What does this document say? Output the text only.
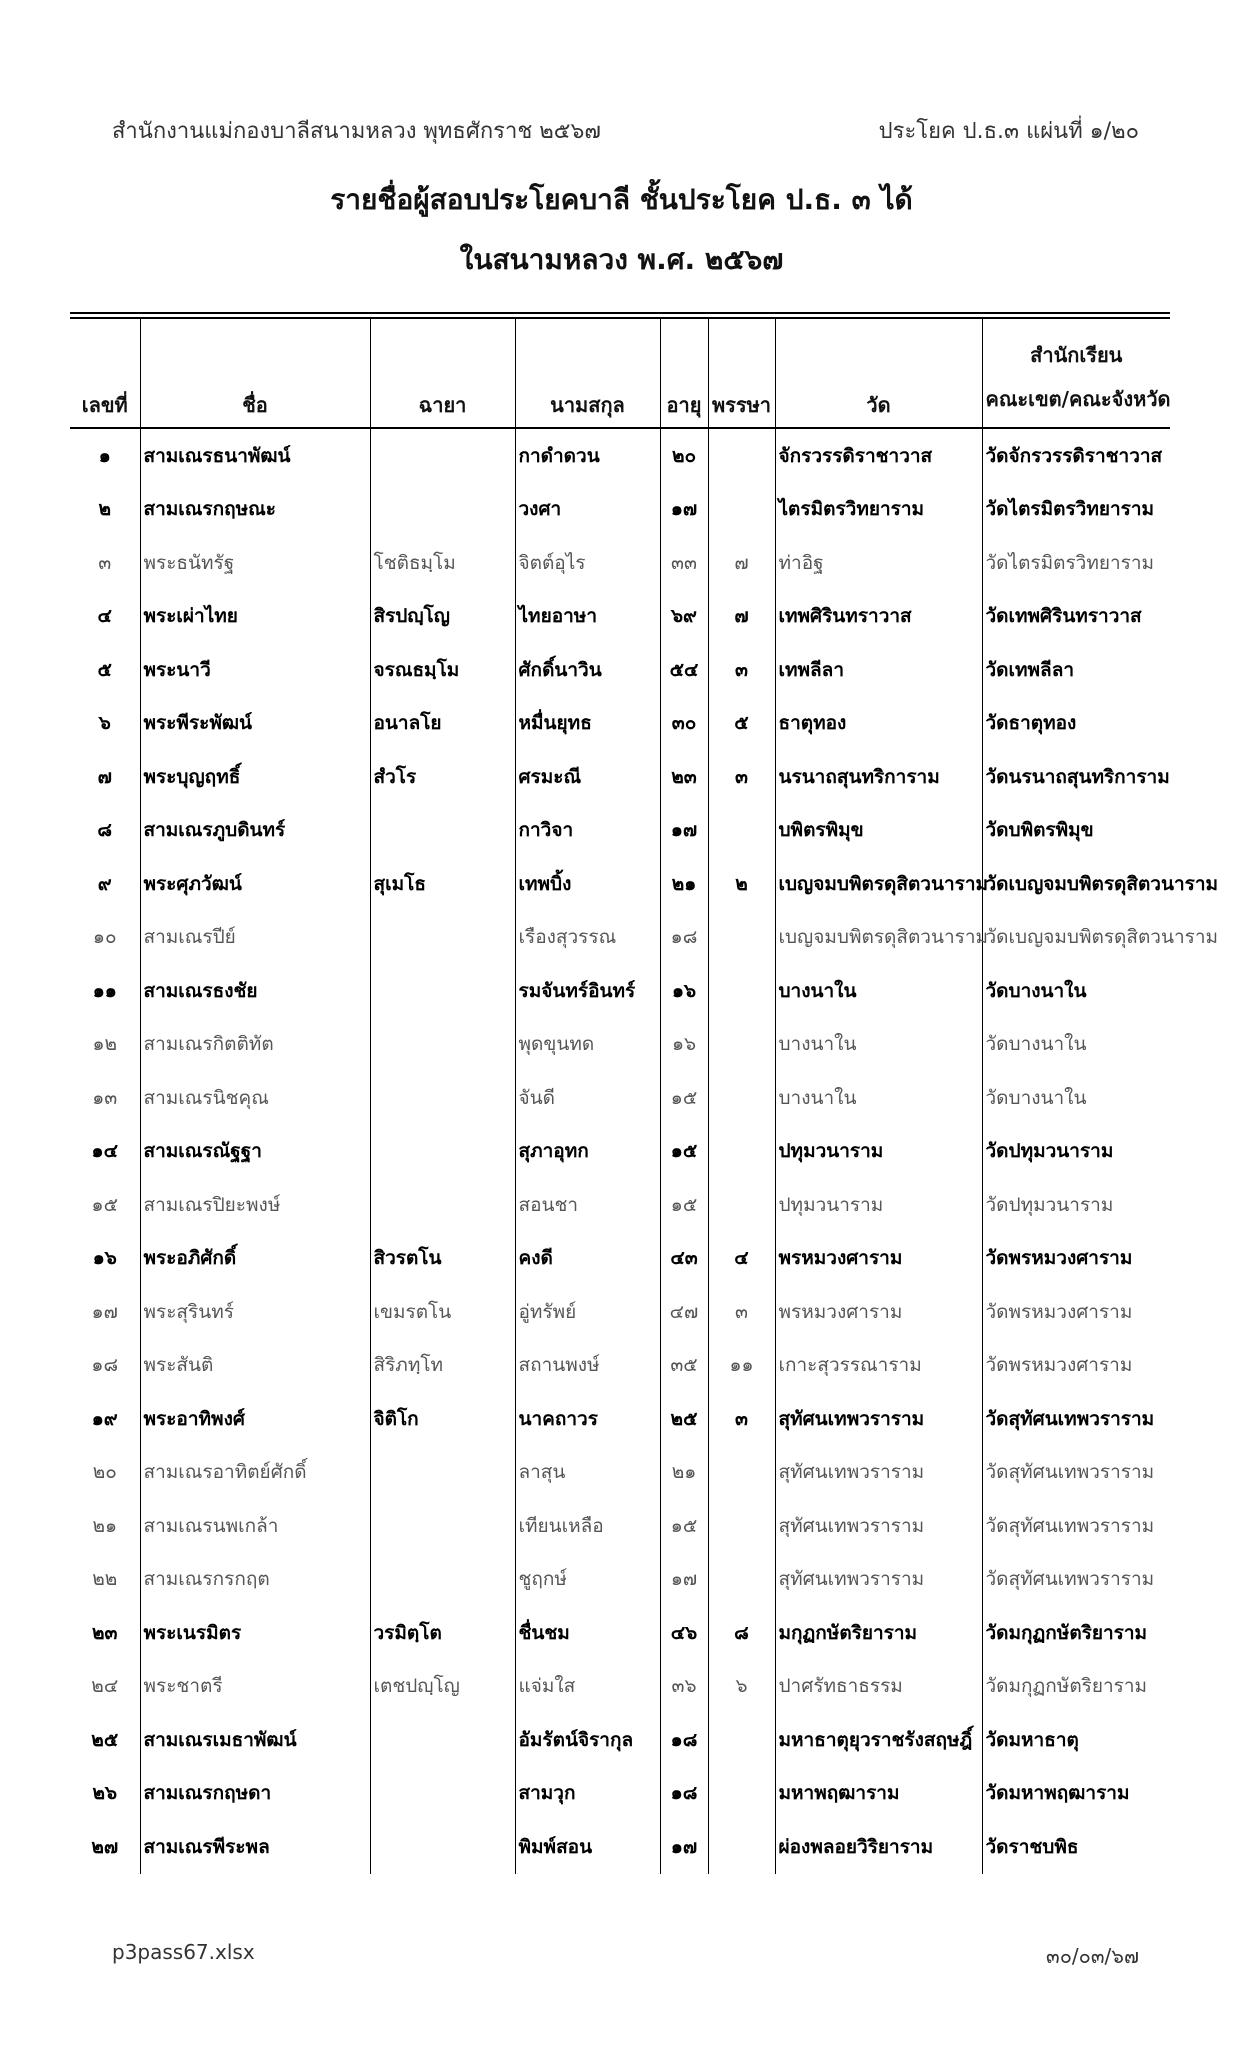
สำนักงานแม่กองบาลีสนามหลวง พุทธศักราช ๒๕๖๗	ประโยค ป.ธ.๓ แผ่นที่ ๑/๒๐
รายชื่อผู้สอบประโยคบาลี ชั้นประโยค ป.ธ. ๓ ได้
ในสนามหลวง พ.ศ. ๒๕๖๗
เลขที่	ชื่อ	ฉายา	นามสกุล	อายุ	พรรษา	วัด	สำนักเรียน
คณะเขต/คณะจังหวัด

๑	สามเณรธนาพัฒน์		กาดำดวน	๒๐		จักรวรรดิราชาวาส	วัดจักรวรรดิราชาวาส
๒	สามเณรกฤษณะ		วงศา	๑๗		ไตรมิตรวิทยาราม	วัดไตรมิตรวิทยาราม
๓	พระธนัทรัฐ	โชติธมฺโม	จิตต์อุไร	๓๓	๗	ท่าอิฐ	วัดไตรมิตรวิทยาราม
๔	พระเผ่าไทย	สิรปญฺโญ	ไทยอาษา	๖๙	๗	เทพศิรินทราวาส	วัดเทพศิรินทราวาส
๕	พระนาวี	จรณธมฺโม	ศักดิ์นาวิน	๕๔	๓	เทพลีลา	วัดเทพลีลา
๖	พระพีระพัฒน์	อนาลโย	หมื่นยุทธ	๓๐	๕	ธาตุทอง	วัดธาตุทอง
๗	พระบุญฤทธิ์	สํวโร	ศรมะณี	๒๓	๓	นรนาถสุนทริการาม	วัดนรนาถสุนทริการาม
๘	สามเณรภูบดินทร์		กาวิจา	๑๗		บพิตรพิมุข	วัดบพิตรพิมุข
๙	พระศุภวัฒน์	สุเมโธ	เทพบิ้ง	๒๑	๒	เบญจมบพิตรดุสิตวนาราม	วัดเบญจมบพิตรดุสิตวนาราม
๑๐	สามเณรปีย์		เรืองสุวรรณ	๑๘		เบญจมบพิตรดุสิตวนาราม	วัดเบญจมบพิตรดุสิตวนาราม
๑๑	สามเณรธงชัย		รมจันทร์อินทร์	๑๖		บางนาใน	วัดบางนาใน
๑๒	สามเณรกิตติทัต		พุดขุนทด	๑๖		บางนาใน	วัดบางนาใน
๑๓	สามเณรนิชคุณ		จันดี	๑๕		บางนาใน	วัดบางนาใน
๑๔	สามเณรณัฐฐา		สุภาอุทก	๑๕		ปทุมวนาราม	วัดปทุมวนาราม
๑๕	สามเณรปิยะพงษ์		สอนชา	๑๕		ปทุมวนาราม	วัดปทุมวนาราม
๑๖	พระอภิศักดิ์	สิวรตโน	คงดี	๔๓	๔	พรหมวงศาราม	วัดพรหมวงศาราม
๑๗	พระสุรินทร์	เขมรตโน	อู่ทรัพย์	๔๗	๓	พรหมวงศาราม	วัดพรหมวงศาราม
๑๘	พระสันติ	สิริภทฺโท	สถานพงษ์	๓๕	๑๑	เกาะสุวรรณาราม	วัดพรหมวงศาราม
๑๙	พระอาทิพงศ์	จิติโก	นาคถาวร	๒๕	๓	สุทัศนเทพวราราม	วัดสุทัศนเทพวราราม
๒๐	สามเณรอาทิตย์ศักดิ์		ลาสุน	๒๑		สุทัศนเทพวราราม	วัดสุทัศนเทพวราราม
๒๑	สามเณรนพเกล้า		เทียนเหลือ	๑๕		สุทัศนเทพวราราม	วัดสุทัศนเทพวราราม
๒๒	สามเณรกรกฤต		ชูฤกษ์	๑๗		สุทัศนเทพวราราม	วัดสุทัศนเทพวราราม
๒๓	พระเนรมิตร	วรมิตฺโต	ชื่นชม	๔๖	๘	มกุฏกษัตริยาราม	วัดมกุฏกษัตริยาราม
๒๔	พระชาตรี	เตชปญฺโญ	แจ่มใส	๓๖	๖	ปาศรัทธาธรรม	วัดมกุฏกษัตริยาราม
๒๕	สามเณรเมธาพัฒน์		อัมรัตน์จิรากุล	๑๘		มหาธาตุยุวราชรังสฤษฎิ์	วัดมหาธาตุ
๒๖	สามเณรกฤษดา		สามวุก	๑๘		มหาพฤฒาราม	วัดมหาพฤฒาราม
๒๗	สามเณรพีระพล		พิมพ์สอน	๑๗		ผ่องพลอยวิริยาราม	วัดราชบพิธ
p3pass67.xlsx	๓๐/๐๓/๖๗
